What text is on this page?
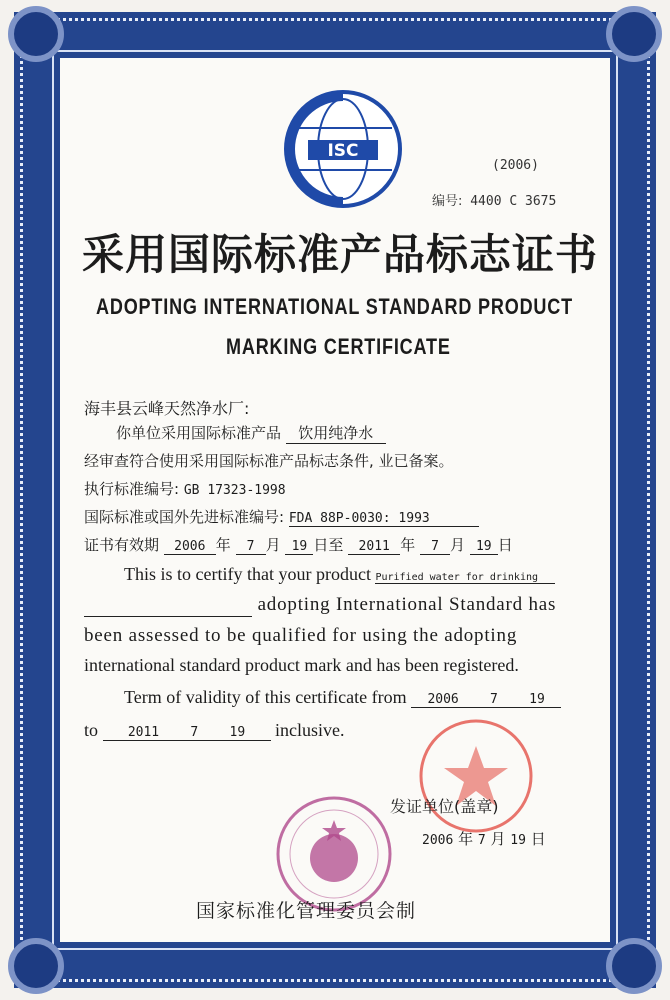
ISC
(2006)
编号: 4400 C 3675
采用国际标准产品标志证书
ADOPTING INTERNATIONAL STANDARD PRODUCT
MARKING CERTIFICATE
海丰县云峰天然净水厂:
你单位采用国际标准产品 饮用纯净水
经审查符合使用采用国际标准产品标志条件, 业已备案。
执行标准编号: GB 17323-1998
国际标准或国外先进标准编号: FDA 88P-0030: 1993
证书有效期 2006 年 7 月 19 日至 2011 年 7 月 19 日
This is to certify that your product Purified water for drinking
adopting International Standard has
been assessed to be qualified for using the adopting
international standard product mark and has been registered.
Term of validity of this certificate from 2006    7    19
to 2011    7    19 inclusive.
发证单位(盖章)
2006 年 7 月 19 日
国家标准化管理委员会制
